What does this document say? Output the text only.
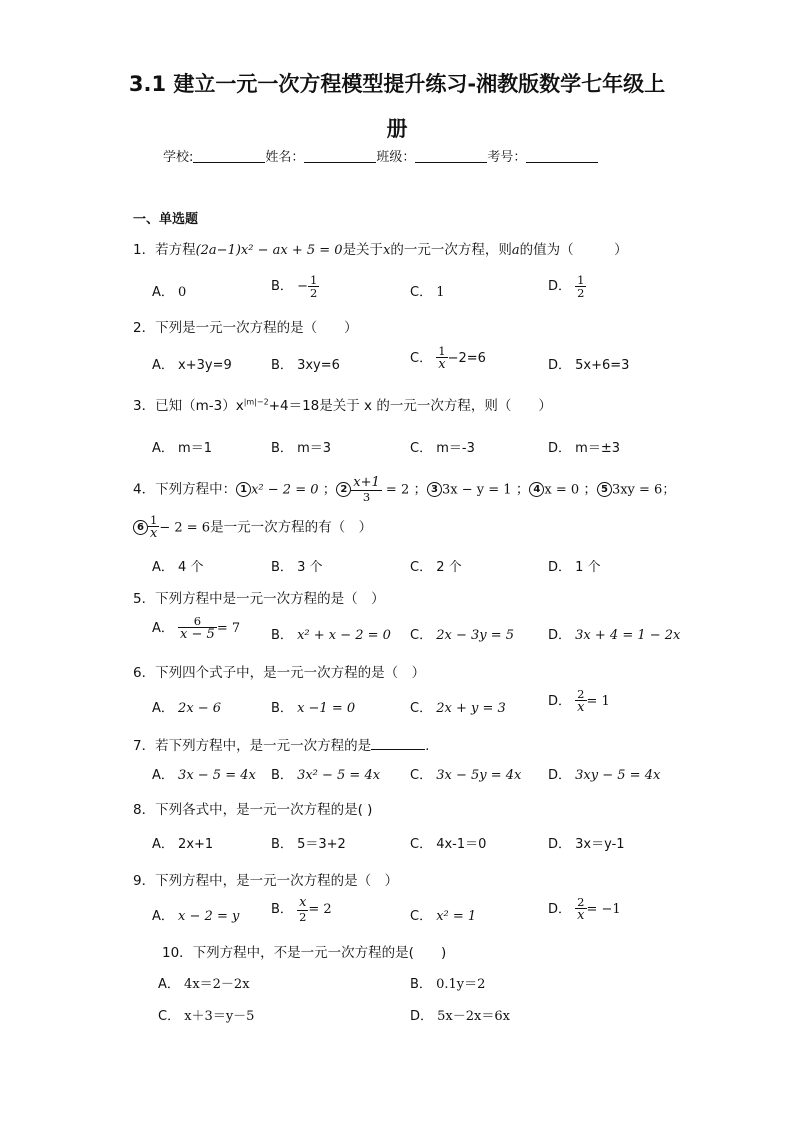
3.1 建立一元一次方程模型提升练习-湘教版数学七年级上
册
学校:	姓名：	班级：	考号：
一、单选题
1．若方程(2a−1)x² − ax + 5 = 0是关于x的一元一次方程，则a的值为（　　　）
A． 0	B． − $\frac{1}{2}$	C． 1	D． $\frac{1}{2}$
2．下列是一元一次方程的是（　　）
A． x+3y=9	B． 3xy=6	C． $\frac{1}{x} -2=6$	D． 5x+6=3
3．已知$(m-3)x^{|m|-2}+4=18$是关于 x 的一元一次方程，则（　　）
A． m＝1	B． m＝3	C． m＝-3	D． m＝±3
4．下列方程中： 1 x² − 2 = 0 ； $2 \frac{x+1}{3} = 2$ ； 3 3x − y = 1 ； 4 x = 0 ； 5 3xy = 6；
$6 \frac{1}{x} - 2 = 6$是一元一次方程的有（　）
A． 4 个	B． 3 个	C． 2 个	D． 1 个
5．下列方程中是一元一次方程的是（　）
A． $\frac{6}{x - 5} = 7$ B． x² + x − 2 = 0 C． 2x − 3y = 5	D． 3x + 4 = 1 − 2x
6．下列四个式子中，是一元一次方程的是（　）
A． 2x − 6	B． x −1 = 0	C． 2x + y = 3	D． $\frac{2}{x} = 1$
7．若下列方程中，是一元一次方程的是	.
A． 3x − 5 = 4x B． 3x² − 5 = 4x C． 3x − 5y = 4x D． 3xy − 5 = 4x
8．下列各式中，是一元一次方程的是( )
A． 2x+1	B． 5＝3+2	C． 4x-1＝0	D． 3x＝y-1
9．下列方程中，是一元一次方程的是（　）
A． x − 2 = y B． $\frac{x}{2} = 2$	C． x² = 1	D． $\frac{2}{x} = -1$
10．下列方程中，不是一元一次方程的是(　　)
A． 4x＝2－2x	B． 0.1y＝2
C． x＋3＝y－5	D． 5x－2x＝6x
